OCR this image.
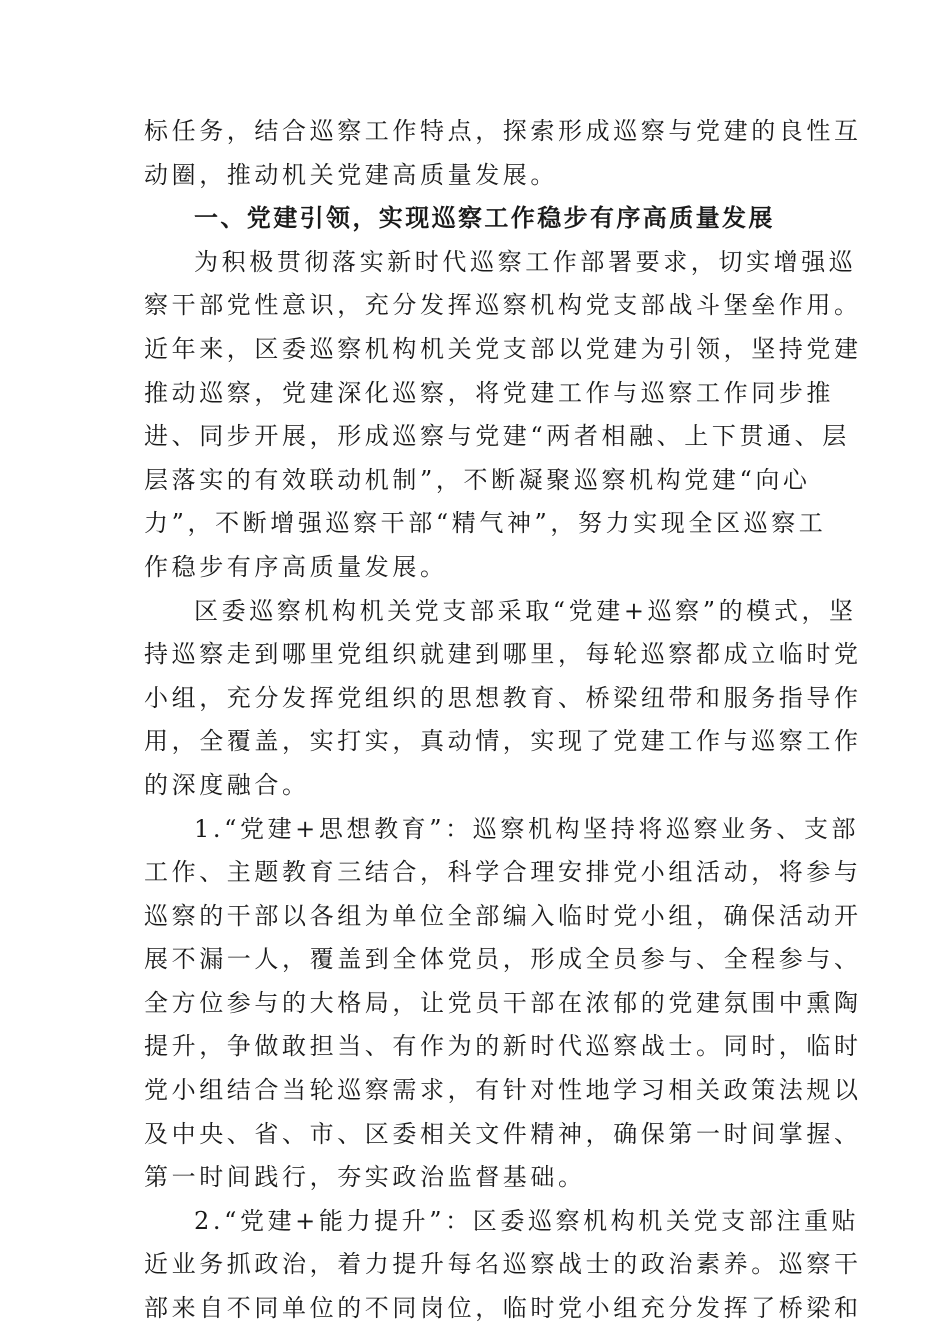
标任务，结合巡察工作特点，探索形成巡察与党建的良性互
动圈，推动机关党建高质量发展。
一、党建引领，实现巡察工作稳步有序高质量发展
为积极贯彻落实新时代巡察工作部署要求，切实增强巡
察干部党性意识，充分发挥巡察机构党支部战斗堡垒作用。
近年来，区委巡察机构机关党支部以党建为引领，坚持党建
推动巡察，党建深化巡察，将党建工作与巡察工作同步推
进、同步开展，形成巡察与党建“两者相融、上下贯通、层
层落实的有效联动机制”，不断凝聚巡察机构党建“向心
力”，不断增强巡察干部“精气神”，努力实现全区巡察工
作稳步有序高质量发展。
区委巡察机构机关党支部采取“党建+巡察”的模式，坚
持巡察走到哪里党组织就建到哪里，每轮巡察都成立临时党
小组，充分发挥党组织的思想教育、桥梁纽带和服务指导作
用，全覆盖，实打实，真动情，实现了党建工作与巡察工作
的深度融合。
1.“党建+思想教育”：巡察机构坚持将巡察业务、支部
工作、主题教育三结合，科学合理安排党小组活动，将参与
巡察的干部以各组为单位全部编入临时党小组，确保活动开
展不漏一人，覆盖到全体党员，形成全员参与、全程参与、
全方位参与的大格局，让党员干部在浓郁的党建氛围中熏陶
提升，争做敢担当、有作为的新时代巡察战士。同时，临时
党小组结合当轮巡察需求，有针对性地学习相关政策法规以
及中央、省、市、区委相关文件精神，确保第一时间掌握、
第一时间践行，夯实政治监督基础。
2.“党建+能力提升”：区委巡察机构机关党支部注重贴
近业务抓政治，着力提升每名巡察战士的政治素养。巡察干
部来自不同单位的不同岗位，临时党小组充分发挥了桥梁和
